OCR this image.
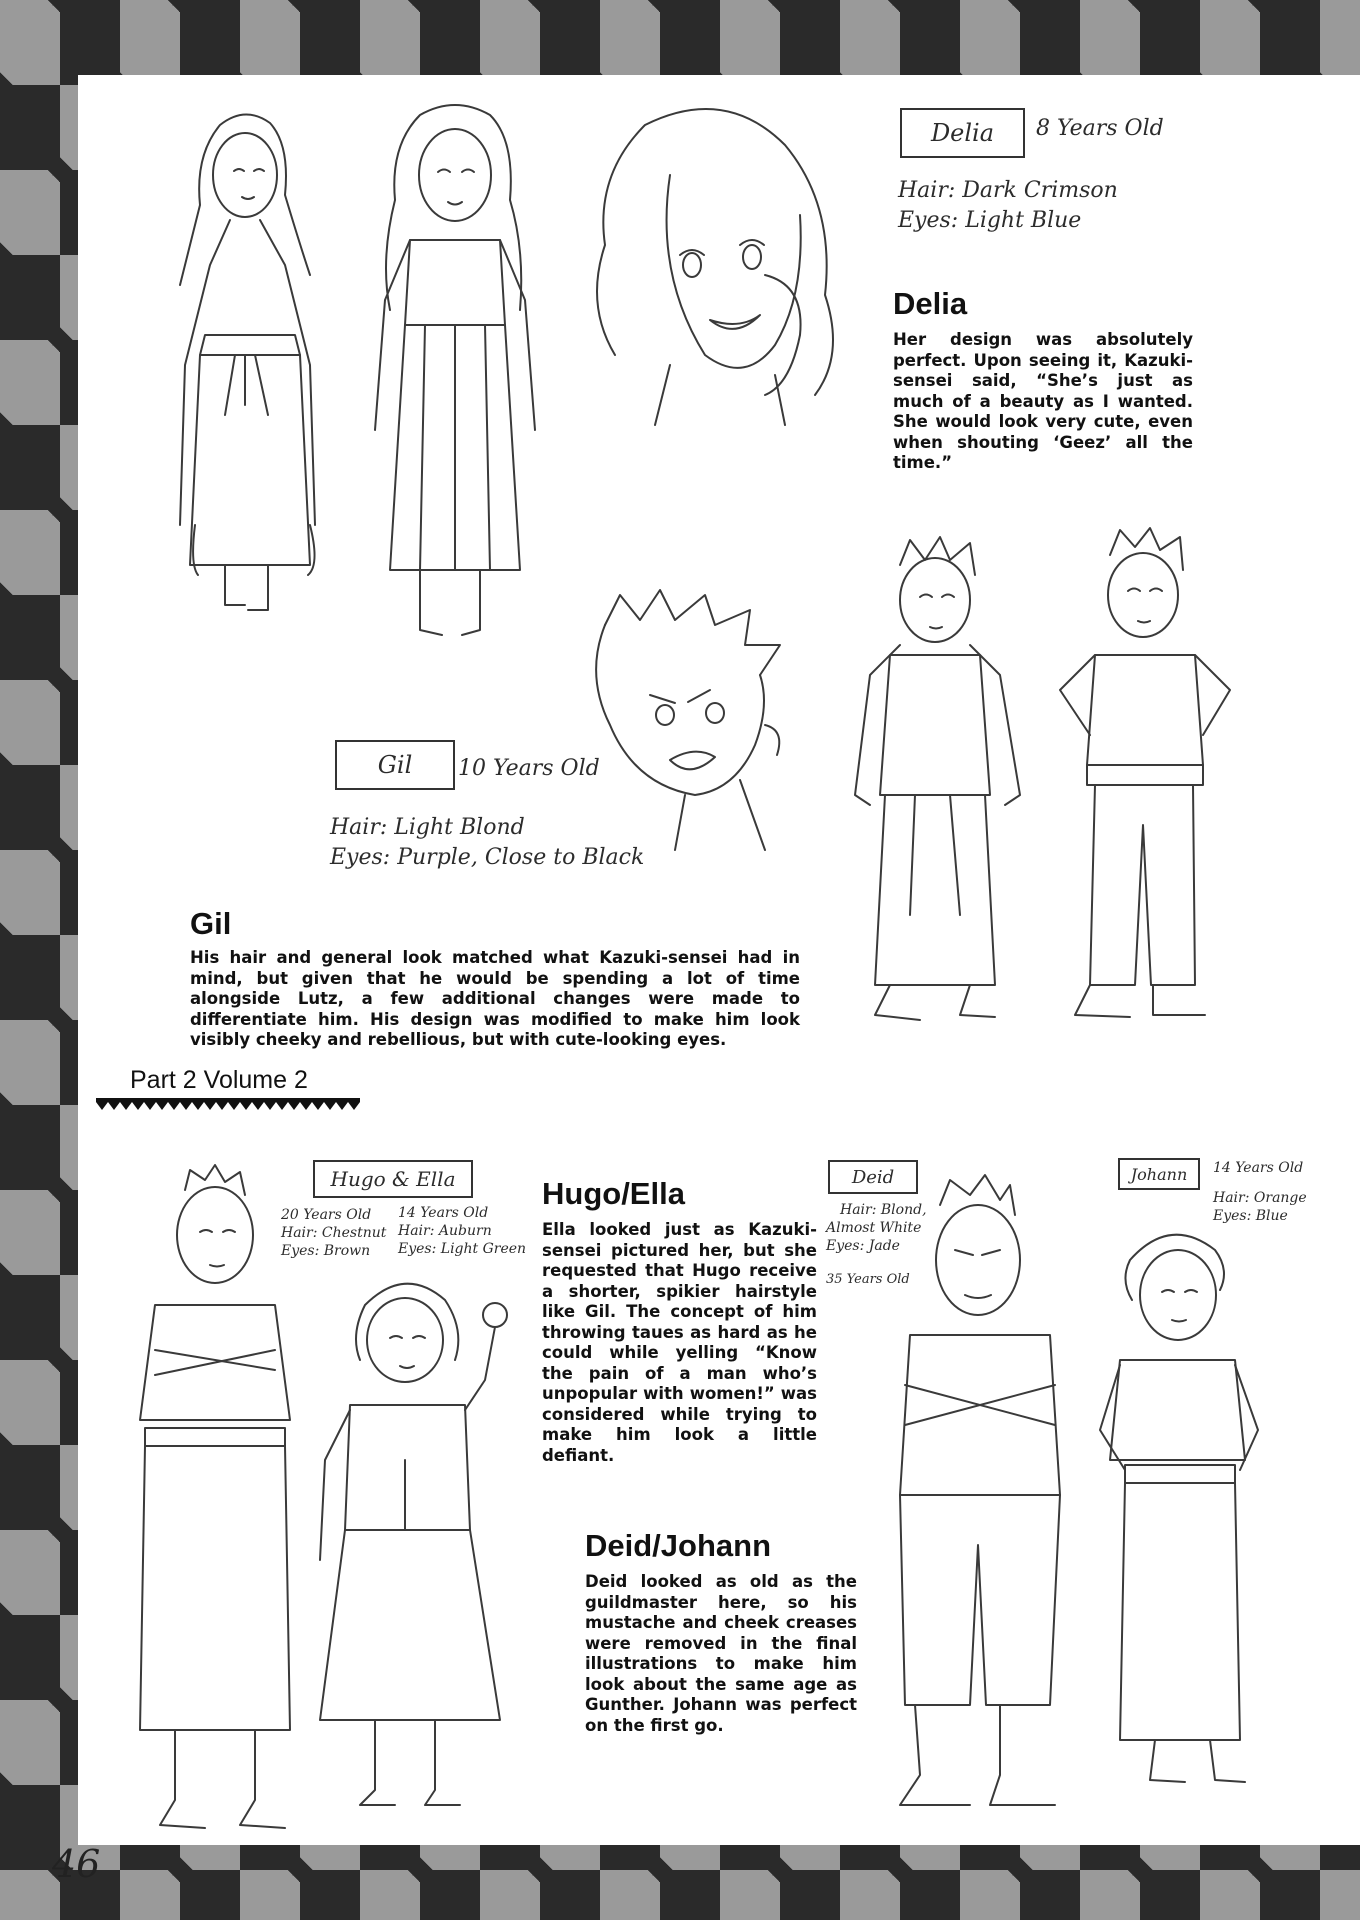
Delia 8 Years Old
Hair: Dark Crimson
Eyes: Light Blue
Delia
Her design was absolutely perfect. Upon seeing it, Kazuki-sensei said, “She’s just as much of a beauty as I wanted. She would look very cute, even when shouting ‘Geez’ all the time.”
Gil 10 Years Old
Hair: Light Blond
Eyes: Purple, Close to Black
Gil
His hair and general look matched what Kazuki-sensei had in mind, but given that he would be spending a lot of time alongside Lutz, a few additional changes were made to differentiate him. His design was modified to make him look visibly cheeky and rebellious, but with cute-looking eyes.
Part 2 Volume 2
Hugo & Ella
20 Years Old
Hair: Chestnut
Eyes: Brown
14 Years Old
Hair: Auburn
Eyes: Light Green
Hugo/Ella
Ella looked just as Kazuki-sensei pictured her, but she requested that Hugo receive a shorter, spikier hairstyle like Gil. The concept of him throwing taues as hard as he could while yelling “Know the pain of a man who’s unpopular with women!” was considered while trying to make him look a little defiant.
Deid
Hair: Blond,
Almost White
Eyes: Jade
35 Years Old
Johann 14 Years Old
Hair: Orange
Eyes: Blue
Deid/Johann
Deid looked as old as the guildmaster here, so his mustache and cheek creases were removed in the final illustrations to make him look about the same age as Gunther. Johann was perfect on the first go.
46
